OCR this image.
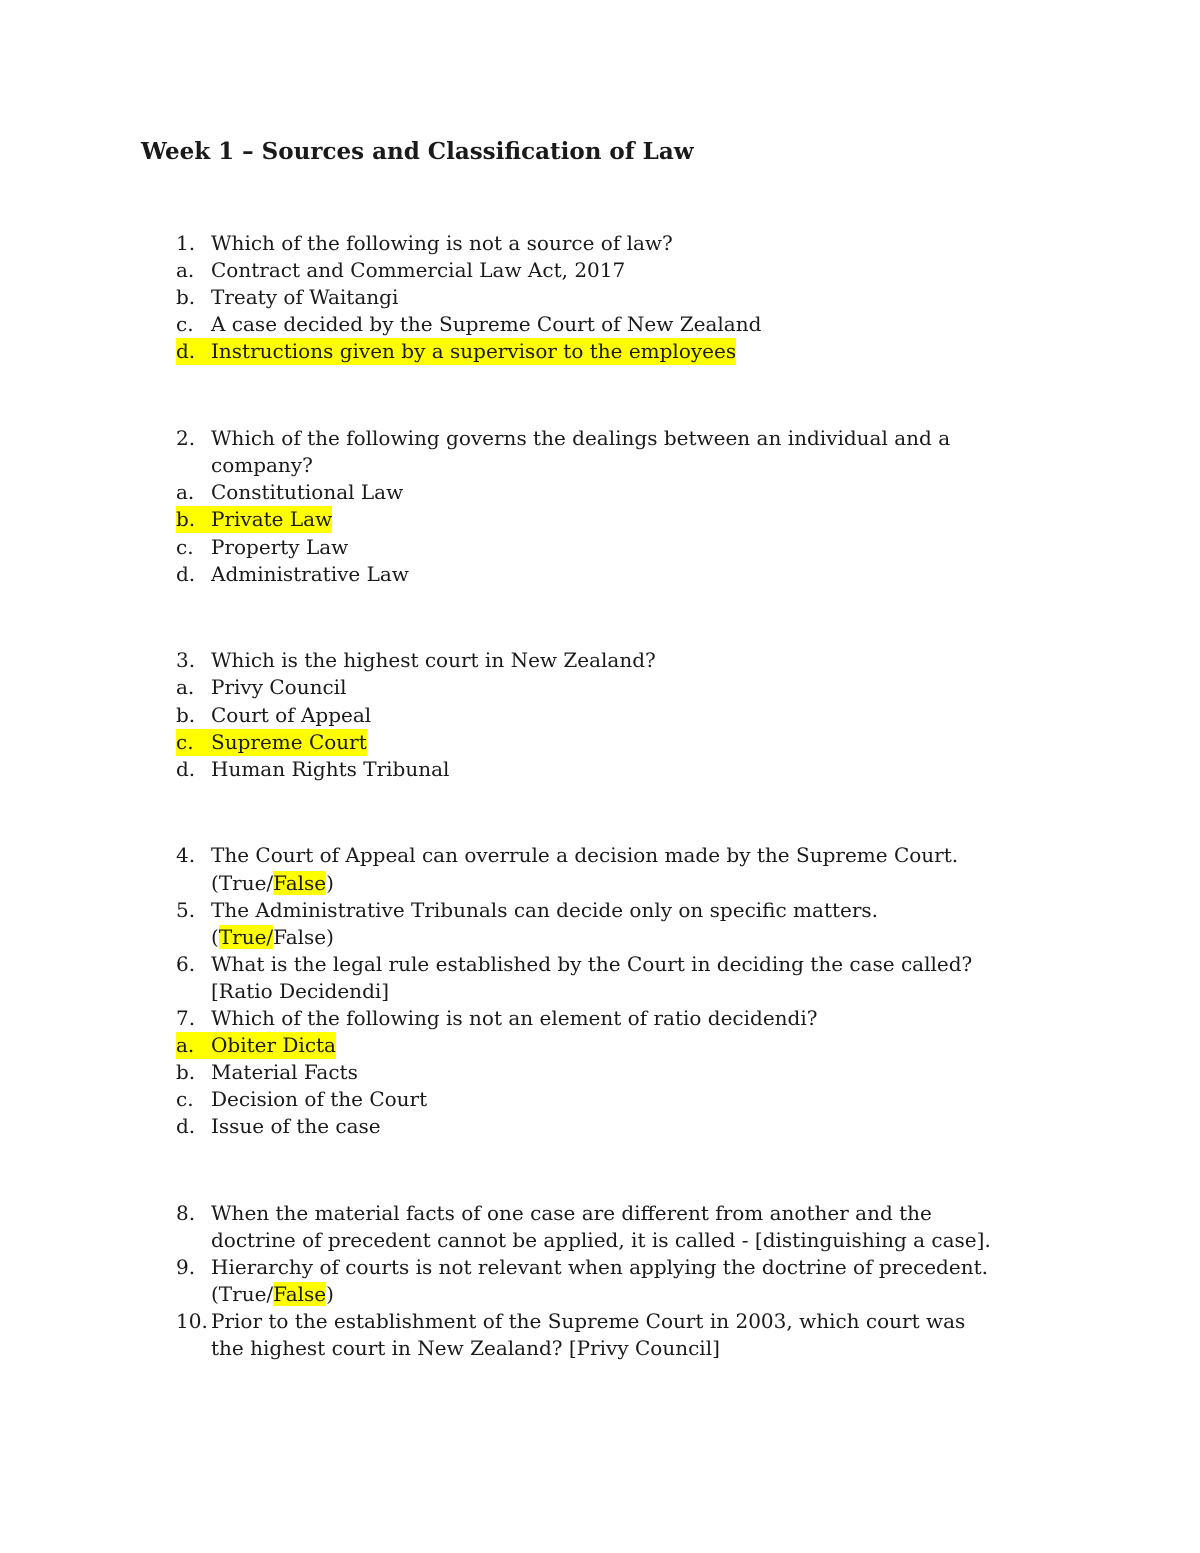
Week 1 – Sources and Classification of Law
1. Which of the following is not a source of law?
a. Contract and Commercial Law Act, 2017
b. Treaty of Waitangi
c. A case decided by the Supreme Court of New Zealand
d. Instructions given by a supervisor to the employees
2. Which of the following governs the dealings between an individual and a
company?
a. Constitutional Law
b. Private Law
c. Property Law
d. Administrative Law
3. Which is the highest court in New Zealand?
a. Privy Council
b. Court of Appeal
c. Supreme Court
d. Human Rights Tribunal
4. The Court of Appeal can overrule a decision made by the Supreme Court.
(True/False)
5. The Administrative Tribunals can decide only on specific matters.
(True/False)
6. What is the legal rule established by the Court in deciding the case called?
[Ratio Decidendi]
7. Which of the following is not an element of ratio decidendi?
a. Obiter Dicta
b. Material Facts
c. Decision of the Court
d. Issue of the case
8. When the material facts of one case are different from another and the
doctrine of precedent cannot be applied, it is called - [distinguishing a case].
9. Hierarchy of courts is not relevant when applying the doctrine of precedent.
(True/False)
10. Prior to the establishment of the Supreme Court in 2003, which court was
the highest court in New Zealand? [Privy Council]
